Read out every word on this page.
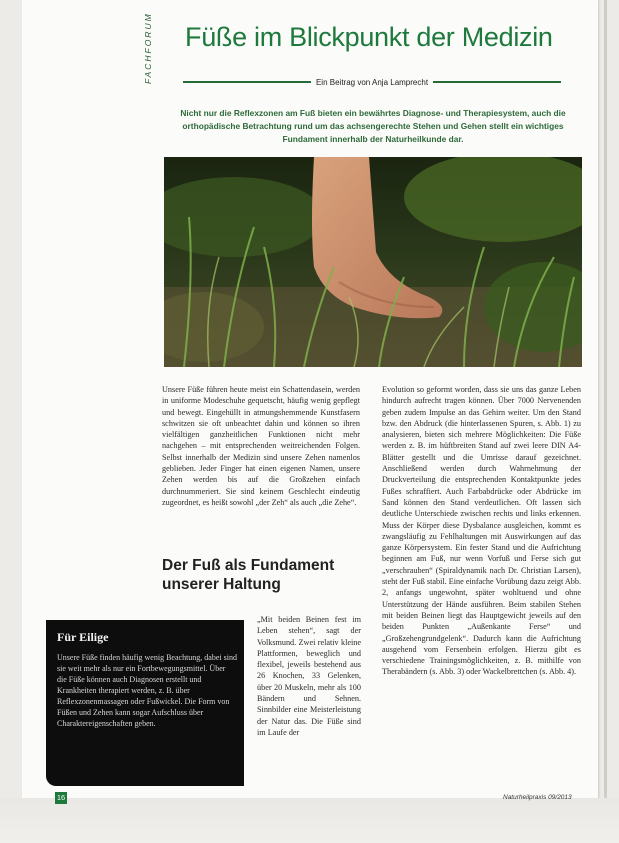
FACHFORUM Füße im Blickpunkt der Medizin
Ein Beitrag von Anja Lamprecht

Nicht nur die Reflexzonen am Fuß bieten ein bewährtes Diagnose- und Therapiesystem, auch die orthopädische Betrachtung rund um das achsengerechte Stehen und Gehen stellt ein wichtiges Fundament innerhalb der Naturheilkunde dar.

Unsere Füße führen heute meist ein Schattendasein, werden in uniforme Modeschuhe gequetscht, häufig wenig gepflegt und bewegt. Eingehüllt in atmungshemmende Kunstfasern schwitzen sie oft unbeachtet dahin und können so ihren vielfältigen ganzheitlichen Funktionen nicht mehr nachgehen – mit entsprechenden weitreichenden Folgen. Selbst innerhalb der Medizin sind unsere Zehen namenlos geblieben. Jeder Finger hat einen eigenen Namen, unsere Zehen werden bis auf die Großzehen einfach durchnummeriert. Sie sind keinem Geschlecht eindeutig zugeordnet, es heißt sowohl „der Zeh“ als auch „die Zehe“.

Der Fuß als Fundament unserer Haltung

„Mit beiden Beinen fest im Leben stehen“, sagt der Volksmund. Zwei relativ kleine Plattformen, beweglich und flexibel, jeweils bestehend aus 26 Knochen, 33 Gelenken, über 20 Muskeln, mehr als 100 Bändern und Sehnen. Sinnbilder eine Meisterleistung der Natur das. Die Füße sind im Laufe der

Evolution so geformt worden, dass sie uns das ganze Leben hindurch aufrecht tragen können. Über 7000 Nervenenden geben zudem Impulse an das Gehirn weiter. Um den Stand bzw. den Abdruck (die hinterlassenen Spuren, s. Abb. 1) zu analysieren, bieten sich mehrere Möglichkeiten: Die Füße werden z. B. im hüftbreiten Stand auf zwei leere DIN A4-Blätter gestellt und die Umrisse darauf gezeichnet. Anschließend werden durch Wahrnehmung der Druckverteilung die entsprechenden Kontaktpunkte jedes Fußes schraffiert. Auch Farbabdrücke oder Abdrücke im Sand können den Stand verdeutlichen. Oft lassen sich deutliche Unterschiede zwischen rechts und links erkennen. Muss der Körper diese Dysbalance ausgleichen, kommt es zwangsläufig zu Fehlhaltungen mit Auswirkungen auf das ganze Körpersystem. Ein fester Stand und die Aufrichtung beginnen am Fuß, nur wenn Vorfuß und Ferse sich gut „verschrauben“ (Spiraldynamik nach Dr. Christian Larsen), steht der Fuß stabil. Eine einfache Vorübung dazu zeigt Abb. 2, anfangs ungewohnt, später wohltuend und ohne Unterstützung der Hände ausführen. Beim stabilen Stehen mit beiden Beinen liegt das Hauptgewicht jeweils auf den beiden Punkten „Außenkante Ferse“ und „Großzehengrundgelenk“. Dadurch kann die Aufrichtung ausgehend vom Fersenbein erfolgen. Hierzu gibt es verschiedene Trainingsmöglichkeiten, z. B. mithilfe von Therabändern (s. Abb. 3) oder Wackelbrettchen (s. Abb. 4).

Für Eilige

Unsere Füße finden häufig wenig Beachtung, dabei sind sie weit mehr als nur ein Fortbewegungsmittel. Über die Füße können auch Diagnosen erstellt und Krankheiten therapiert werden, z. B. über Reflexzonenmassagen oder Fußwickel. Die Form von Füßen und Zehen kann sogar Aufschluss über Charaktereigenschaften geben.

16	Naturheilpraxis 09/2013
